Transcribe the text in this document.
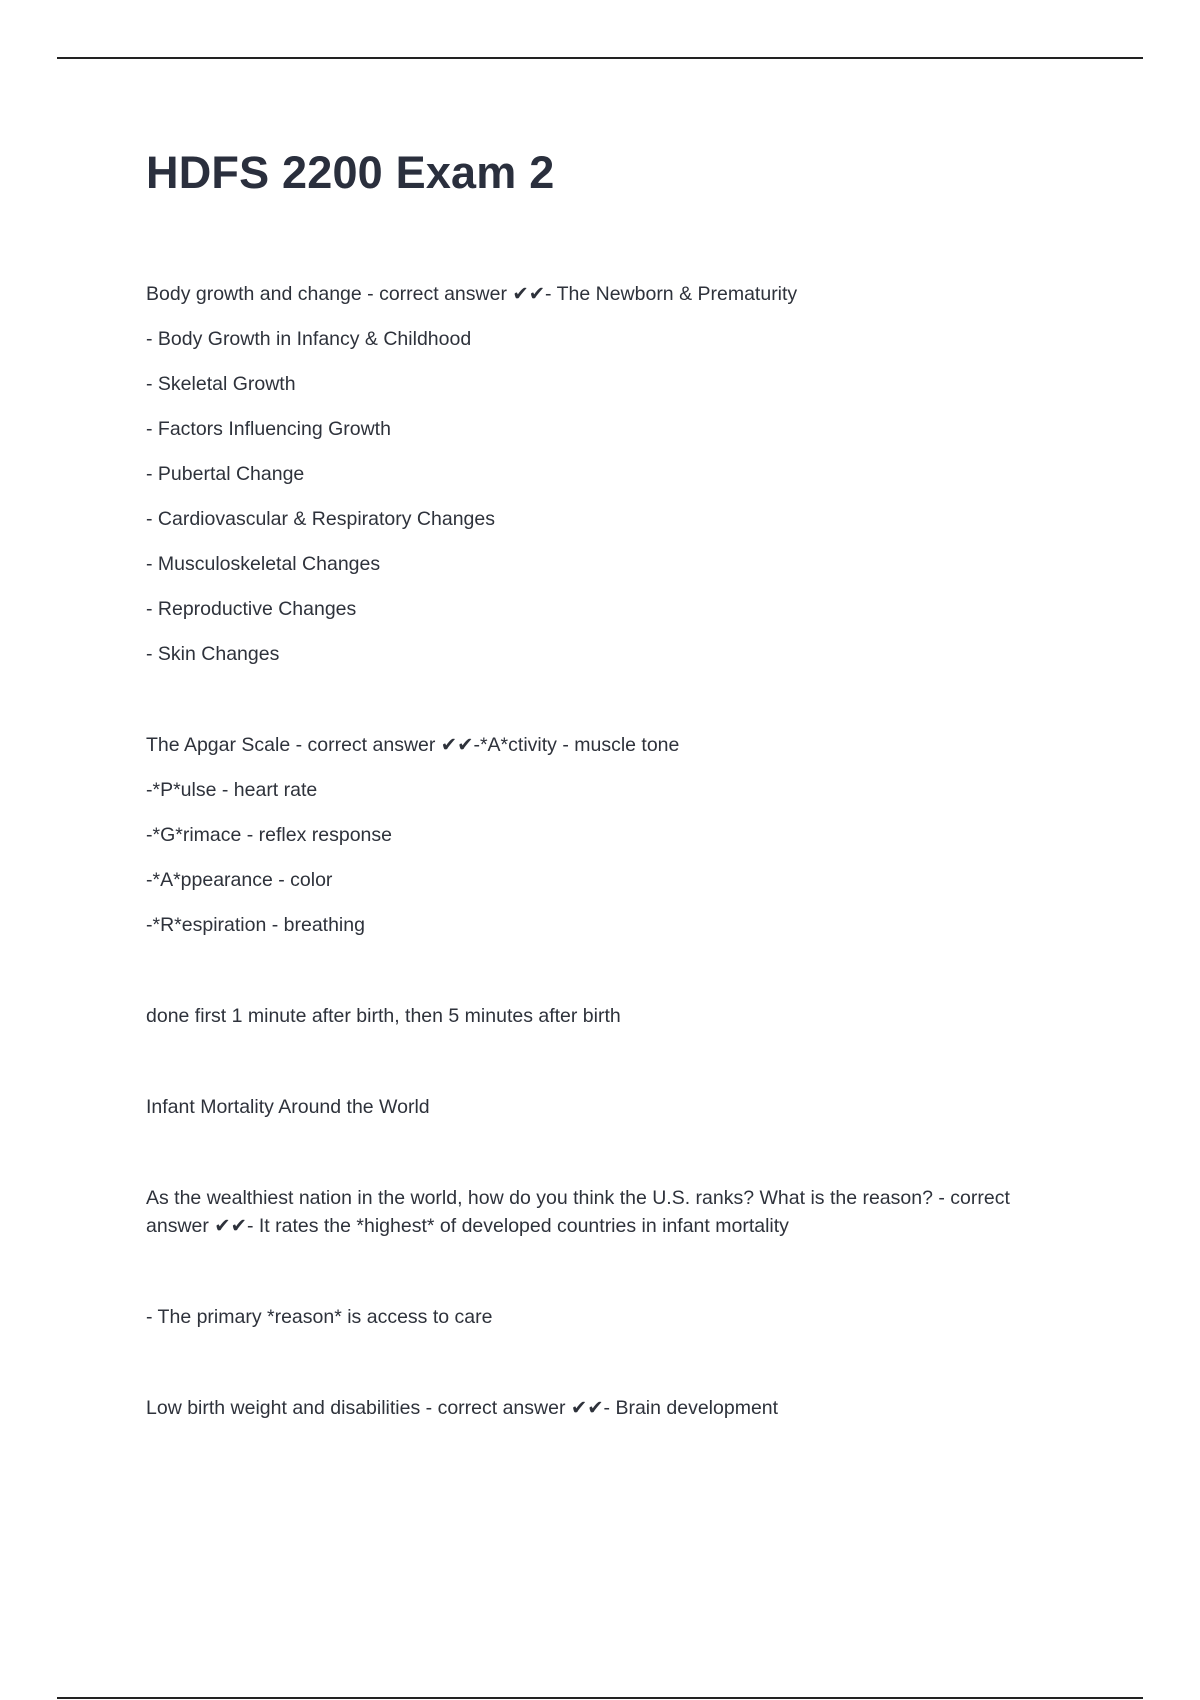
HDFS 2200 Exam 2

Body growth and change - correct answer ✔✔- The Newborn & Prematurity

- Body Growth in Infancy & Childhood

- Skeletal Growth

- Factors Influencing Growth

- Pubertal Change

- Cardiovascular & Respiratory Changes

- Musculoskeletal Changes

- Reproductive Changes

- Skin Changes

The Apgar Scale - correct answer ✔✔-*A*ctivity - muscle tone

-*P*ulse - heart rate

-*G*rimace - reflex response

-*A*ppearance - color

-*R*espiration - breathing

done first 1 minute after birth, then 5 minutes after birth

Infant Mortality Around the World

As the wealthiest nation in the world, how do you think the U.S. ranks? What is the reason? - correct answer ✔✔- It rates the *highest* of developed countries in infant mortality

- The primary *reason* is access to care

Low birth weight and disabilities - correct answer ✔✔- Brain development
